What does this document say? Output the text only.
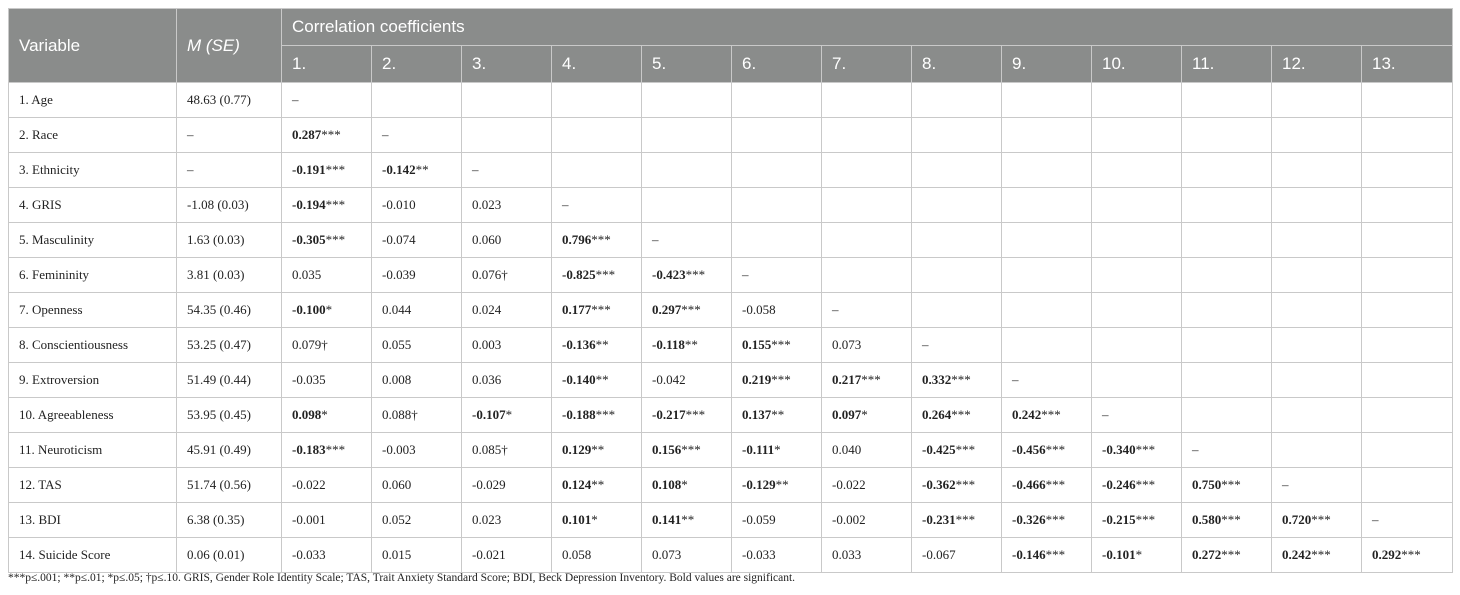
Variable	M (SE)	Correlation coefficients												
		1.	2.	3.	4.	5.	6.	7.	8.	9.	10.	11.	12.	13.
1. Age	48.63 (0.77)	–												
2. Race	–	0.287***	–											
3. Ethnicity	–	-0.191***	-0.142**	–										
4. GRIS	-1.08 (0.03)	-0.194***	-0.010	0.023	–									
5. Masculinity	1.63 (0.03)	-0.305***	-0.074	0.060	0.796***	–								
6. Femininity	3.81 (0.03)	0.035	-0.039	0.076†	-0.825***	-0.423***	–							
7. Openness	54.35 (0.46)	-0.100*	0.044	0.024	0.177***	0.297***	-0.058	–						
8. Conscientiousness	53.25 (0.47)	0.079†	0.055	0.003	-0.136**	-0.118**	0.155***	0.073	–					
9. Extroversion	51.49 (0.44)	-0.035	0.008	0.036	-0.140**	-0.042	0.219***	0.217***	0.332***	–				
10. Agreeableness	53.95 (0.45)	0.098*	0.088†	-0.107*	-0.188***	-0.217***	0.137**	0.097*	0.264***	0.242***	–			
11. Neuroticism	45.91 (0.49)	-0.183***	-0.003	0.085†	0.129**	0.156***	-0.111*	0.040	-0.425***	-0.456***	-0.340***	–		
12. TAS	51.74 (0.56)	-0.022	0.060	-0.029	0.124**	0.108*	-0.129**	-0.022	-0.362***	-0.466***	-0.246***	0.750***	–	
13. BDI	6.38 (0.35)	-0.001	0.052	0.023	0.101*	0.141**	-0.059	-0.002	-0.231***	-0.326***	-0.215***	0.580***	0.720***	–
14. Suicide Score	0.06 (0.01)	-0.033	0.015	-0.021	0.058	0.073	-0.033	0.033	-0.067	-0.146***	-0.101*	0.272***	0.242***	0.292***
***p≤.001; **p≤.01; *p≤.05; †p≤.10. GRIS, Gender Role Identity Scale; TAS, Trait Anxiety Standard Score; BDI, Beck Depression Inventory. Bold values are significant.
